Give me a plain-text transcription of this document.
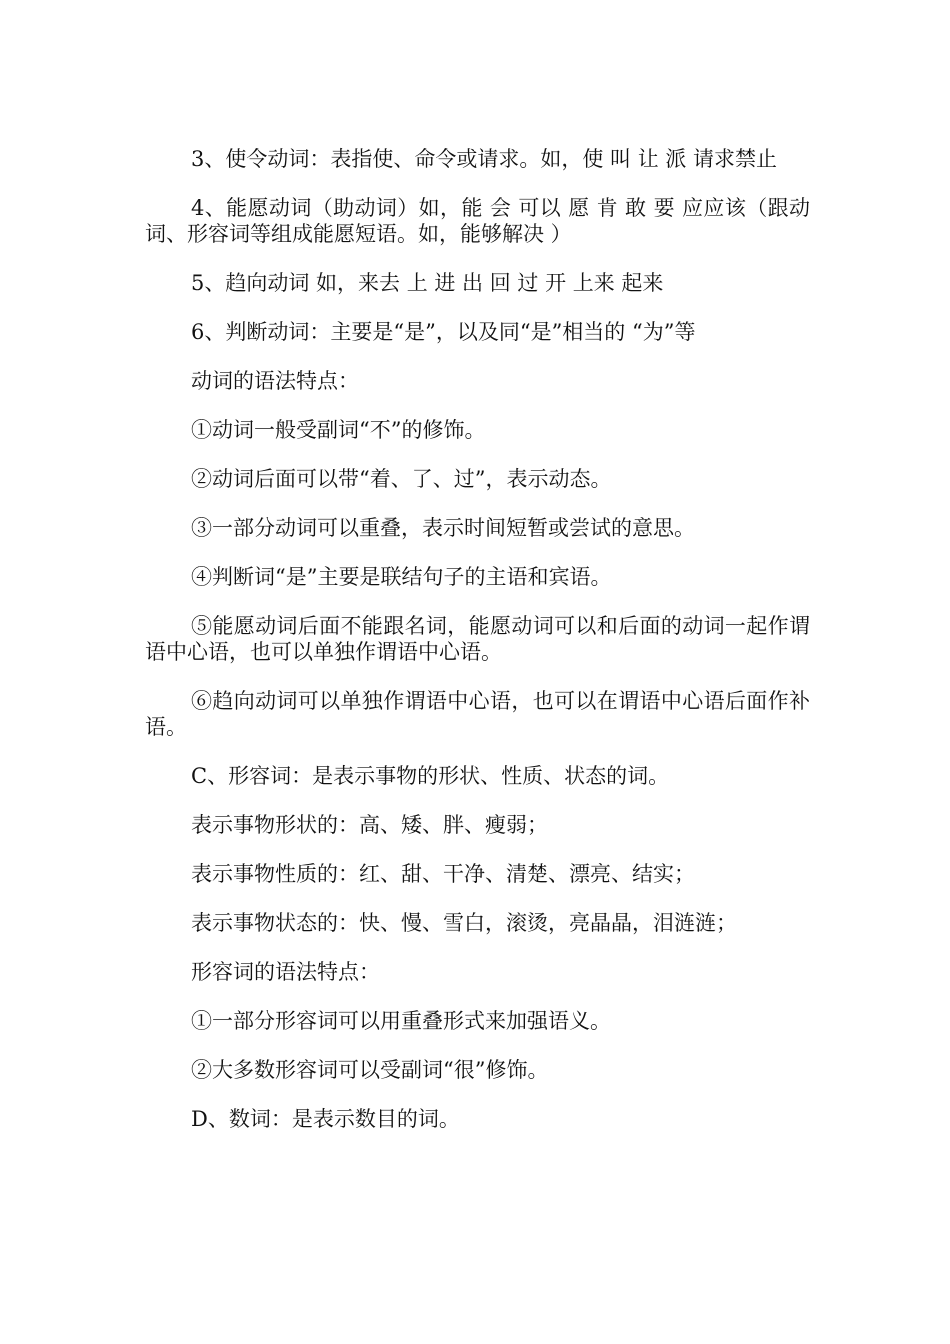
3、使令动词：表指使、命令或请求。如，使 叫 让 派 请求禁止

4、能愿动词（助动词）如，能 会 可以 愿 肯 敢 要 应应该（跟动词、形容词等组成能愿短语。如，能够解决 ）

5、趋向动词 如，来去 上 进 出 回 过 开 上来 起来

6、判断动词：主要是“是”，以及同“是”相当的 “为”等

动词的语法特点：

①动词一般受副词“不”的修饰。

②动词后面可以带“着、了、过”，表示动态。

③一部分动词可以重叠，表示时间短暂或尝试的意思。

④判断词“是”主要是联结句子的主语和宾语。

⑤能愿动词后面不能跟名词，能愿动词可以和后面的动词一起作谓语中心语，也可以单独作谓语中心语。

⑥趋向动词可以单独作谓语中心语，也可以在谓语中心语后面作补语。

C、形容词：是表示事物的形状、性质、状态的词。

表示事物形状的：高、矮、胖、瘦弱；

表示事物性质的：红、甜、干净、清楚、漂亮、结实；

表示事物状态的：快、慢、雪白，滚烫，亮晶晶，泪涟涟；

形容词的语法特点：

①一部分形容词可以用重叠形式来加强语义。

②大多数形容词可以受副词“很”修饰。

D、数词：是表示数目的词。
